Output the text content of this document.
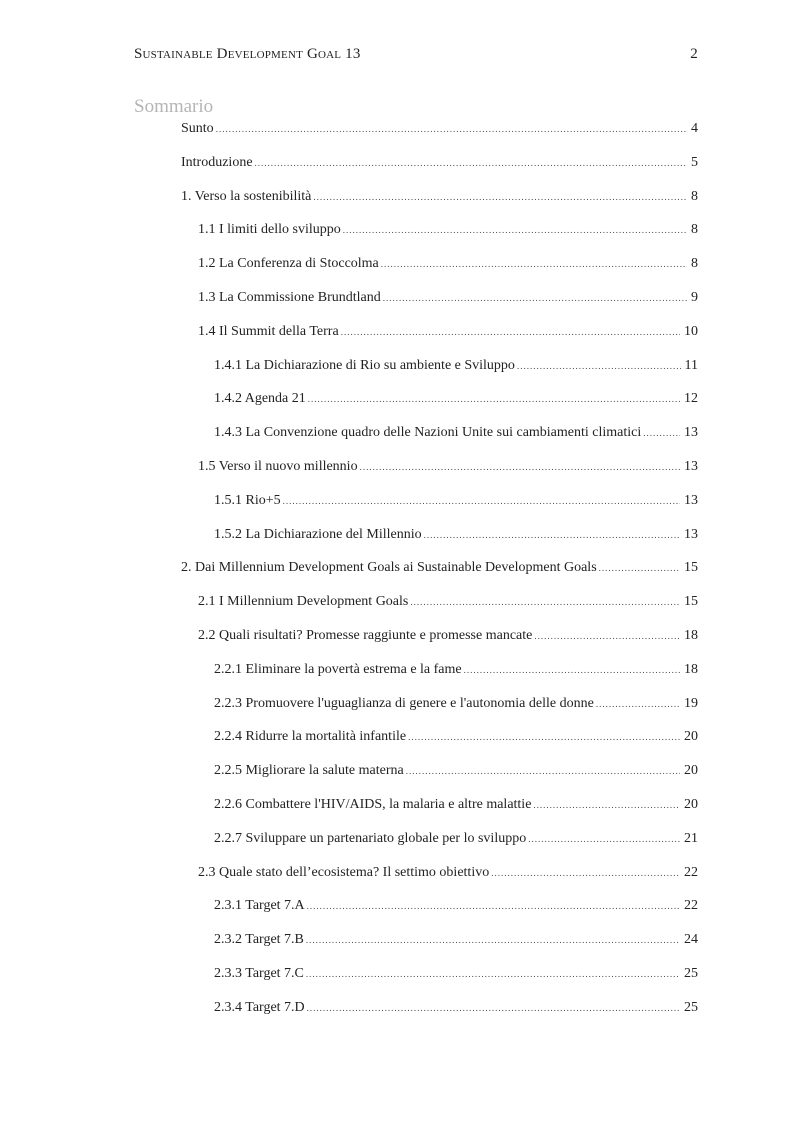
Sustainable Development Goal 13	2
Sommario
Sunto .....	4
Introduzione .....	5
1. Verso la sostenibilità .....	8
1.1 I limiti dello sviluppo .....	8
1.2 La Conferenza di Stoccolma .....	8
1.3 La Commissione Brundtland .....	9
1.4 Il Summit della Terra .....	10
1.4.1 La Dichiarazione di Rio su ambiente e Sviluppo .....	11
1.4.2 Agenda 21 .....	12
1.4.3 La Convenzione quadro delle Nazioni Unite sui cambiamenti climatici .....	13
1.5 Verso il nuovo millennio .....	13
1.5.1 Rio+5 .....	13
1.5.2 La Dichiarazione del Millennio .....	13
2. Dai Millennium Development Goals ai Sustainable Development Goals .....	15
2.1 I Millennium Development Goals .....	15
2.2 Quali risultati? Promesse raggiunte e promesse mancate .....	18
2.2.1 Eliminare la povertà estrema e la fame .....	18
2.2.3 Promuovere l'uguaglianza di genere e l'autonomia delle donne .....	19
2.2.4 Ridurre la mortalità infantile .....	20
2.2.5 Migliorare la salute materna .....	20
2.2.6 Combattere l'HIV/AIDS, la malaria e altre malattie .....	20
2.2.7 Sviluppare un partenariato globale per lo sviluppo .....	21
2.3 Quale stato dell’ecosistema? Il settimo obiettivo .....	22
2.3.1 Target 7.A .....	22
2.3.2 Target 7.B .....	24
2.3.3 Target 7.C .....	25
2.3.4 Target 7.D .....	25
